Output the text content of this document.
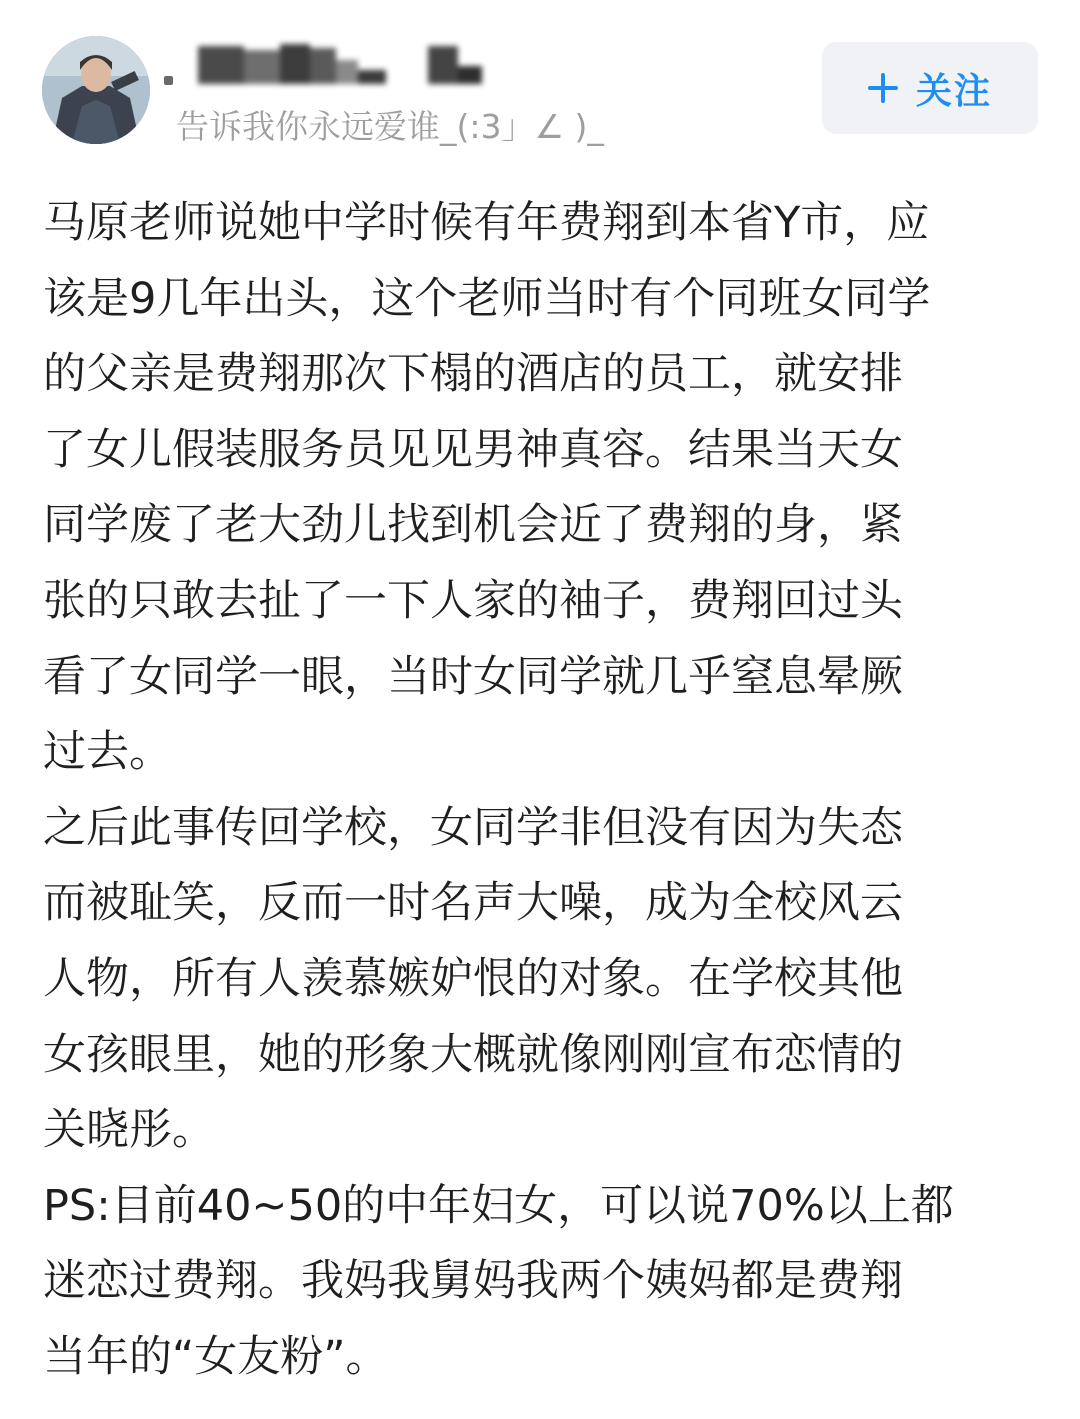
告诉我你永远爱谁_(:3」∠ )_
关注
马原老师说她中学时候有年费翔到本省Y市，应
该是9几年出头，这个老师当时有个同班女同学
的父亲是费翔那次下榻的酒店的员工，就安排
了女儿假装服务员见见男神真容。结果当天女
同学废了老大劲儿找到机会近了费翔的身，紧
张的只敢去扯了一下人家的袖子，费翔回过头
看了女同学一眼，当时女同学就几乎窒息晕厥
过去。
之后此事传回学校，女同学非但没有因为失态
而被耻笑，反而一时名声大噪，成为全校风云
人物，所有人羡慕嫉妒恨的对象。在学校其他
女孩眼里，她的形象大概就像刚刚宣布恋情的
关晓彤。
PS:目前40~50的中年妇女，可以说70%以上都
迷恋过费翔。我妈我舅妈我两个姨妈都是费翔
当年的“女友粉”。
